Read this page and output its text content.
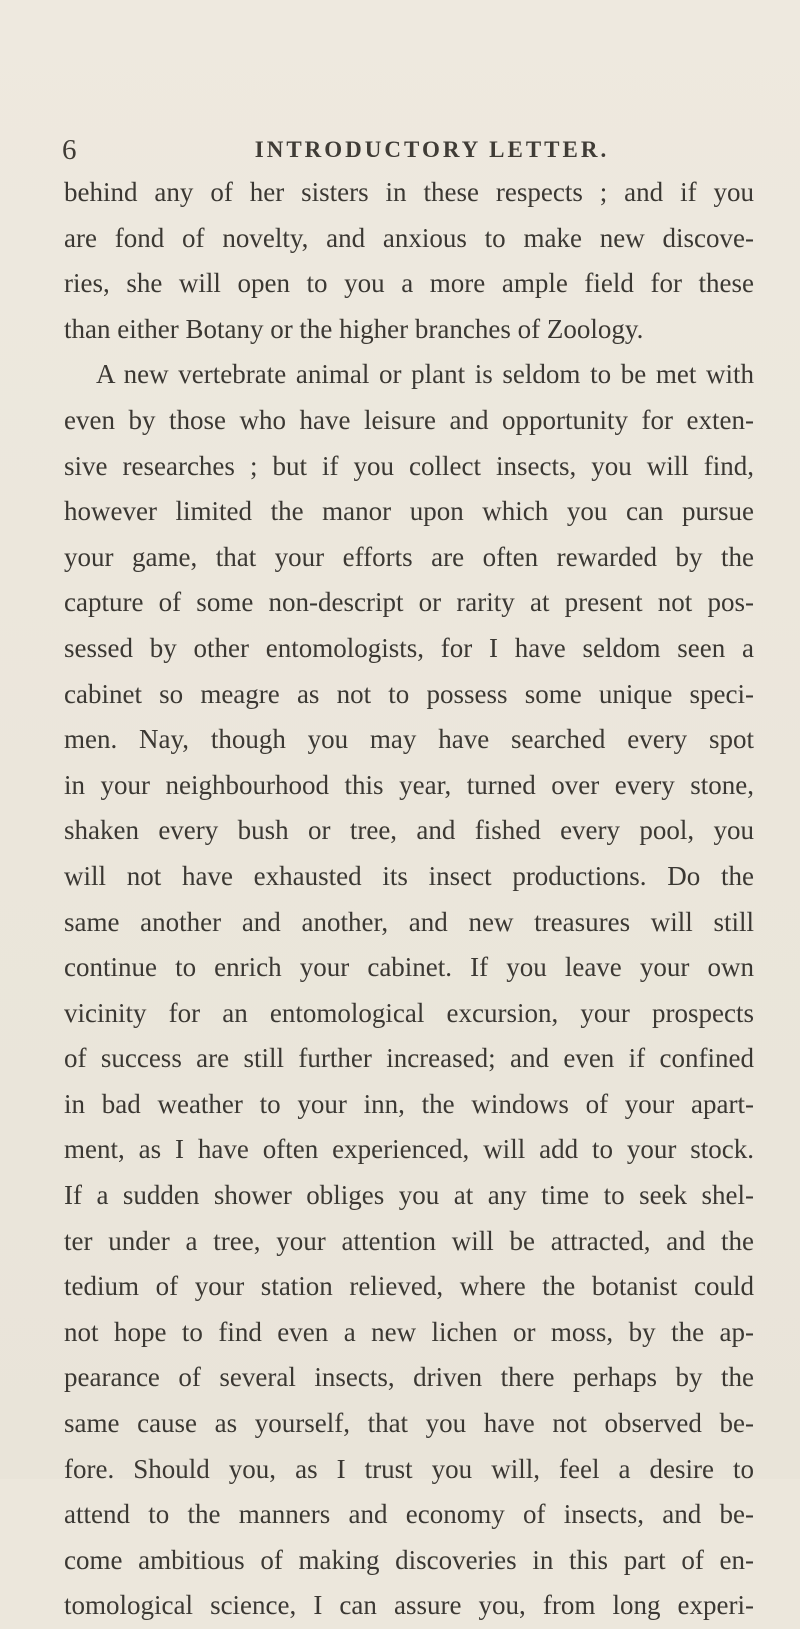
6	INTRODUCTORY LETTER.
behind any of her sisters in these respects ; and if you
are fond of novelty, and anxious to make new discove-
ries, she will open to you a more ample field for these
than either Botany or the higher branches of Zoology.
A new vertebrate animal or plant is seldom to be met with
even by those who have leisure and opportunity for exten-
sive researches ; but if you collect insects, you will find,
however limited the manor upon which you can pursue
your game, that your efforts are often rewarded by the
capture of some non-descript or rarity at present not pos-
sessed by other entomologists, for I have seldom seen a
cabinet so meagre as not to possess some unique speci-
men. Nay, though you may have searched every spot
in your neighbourhood this year, turned over every stone,
shaken every bush or tree, and fished every pool, you
will not have exhausted its insect productions. Do the
same another and another, and new treasures will still
continue to enrich your cabinet. If you leave your own
vicinity for an entomological excursion, your prospects
of success are still further increased; and even if confined
in bad weather to your inn, the windows of your apart-
ment, as I have often experienced, will add to your stock.
If a sudden shower obliges you at any time to seek shel-
ter under a tree, your attention will be attracted, and the
tedium of your station relieved, where the botanist could
not hope to find even a new lichen or moss, by the ap-
pearance of several insects, driven there perhaps by the
same cause as yourself, that you have not observed be-
fore. Should you, as I trust you will, feel a desire to
attend to the manners and economy of insects, and be-
come ambitious of making discoveries in this part of en-
tomological science, I can assure you, from long experi-
